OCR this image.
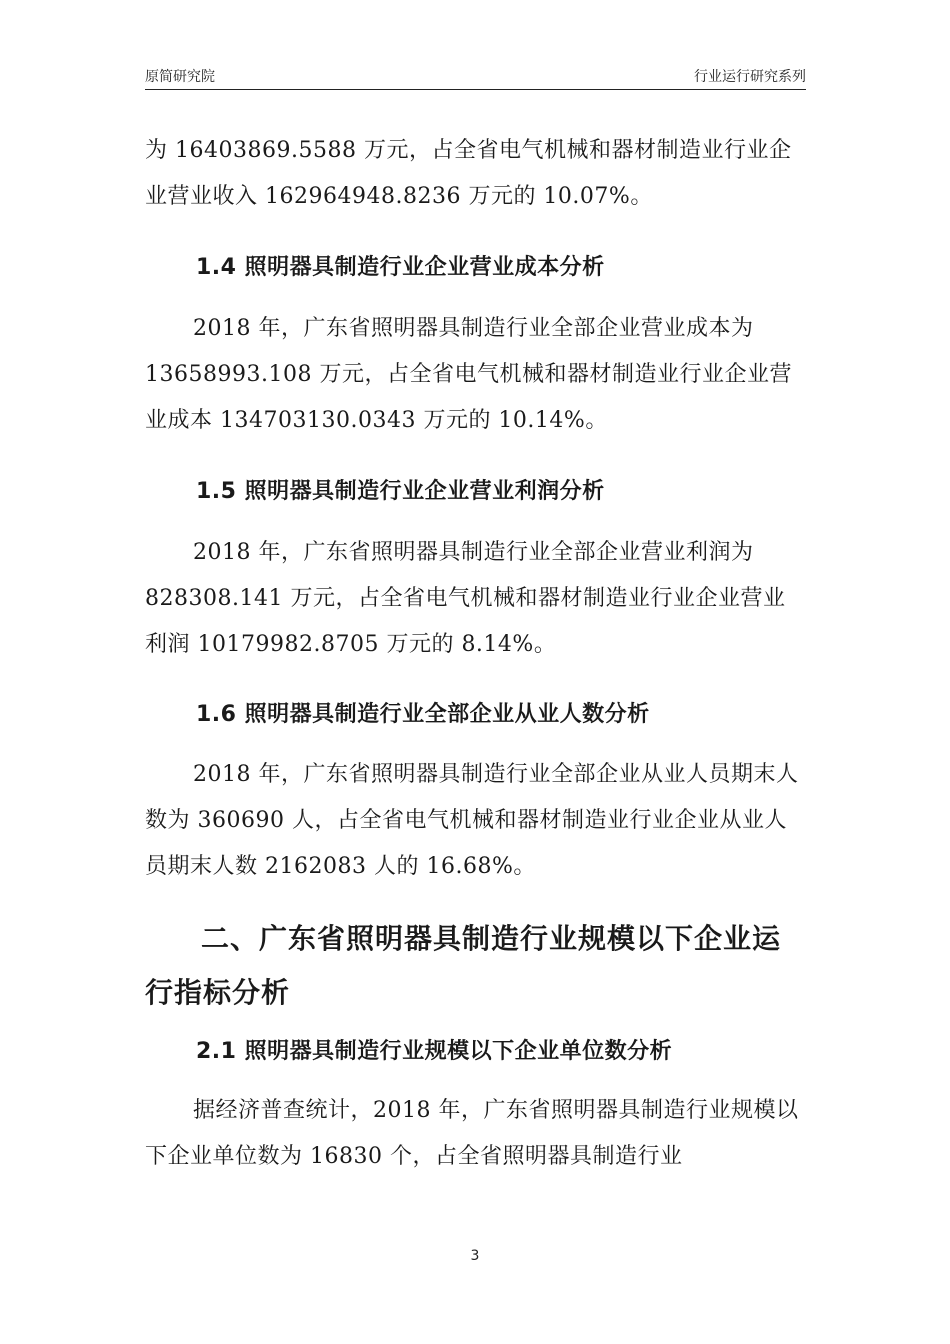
原简研究院	行业运行研究系列
为 16403869.5588 万元，占全省电气机械和器材制造业行业企业营业收入 162964948.8236 万元的 10.07%。
1.4 照明器具制造行业企业营业成本分析
2018 年，广东省照明器具制造行业全部企业营业成本为 13658993.108 万元，占全省电气机械和器材制造业行业企业营业成本 134703130.0343 万元的 10.14%。
1.5 照明器具制造行业企业营业利润分析
2018 年，广东省照明器具制造行业全部企业营业利润为 828308.141 万元，占全省电气机械和器材制造业行业企业营业利润 10179982.8705 万元的 8.14%。
1.6 照明器具制造行业全部企业从业人数分析
2018 年，广东省照明器具制造行业全部企业从业人员期末人数为 360690 人，占全省电气机械和器材制造业行业企业从业人员期末人数 2162083 人的 16.68%。
二、广东省照明器具制造行业规模以下企业运行指标分析
2.1 照明器具制造行业规模以下企业单位数分析
据经济普查统计，2018 年，广东省照明器具制造行业规模以下企业单位数为 16830 个，占全省照明器具制造行业
3
